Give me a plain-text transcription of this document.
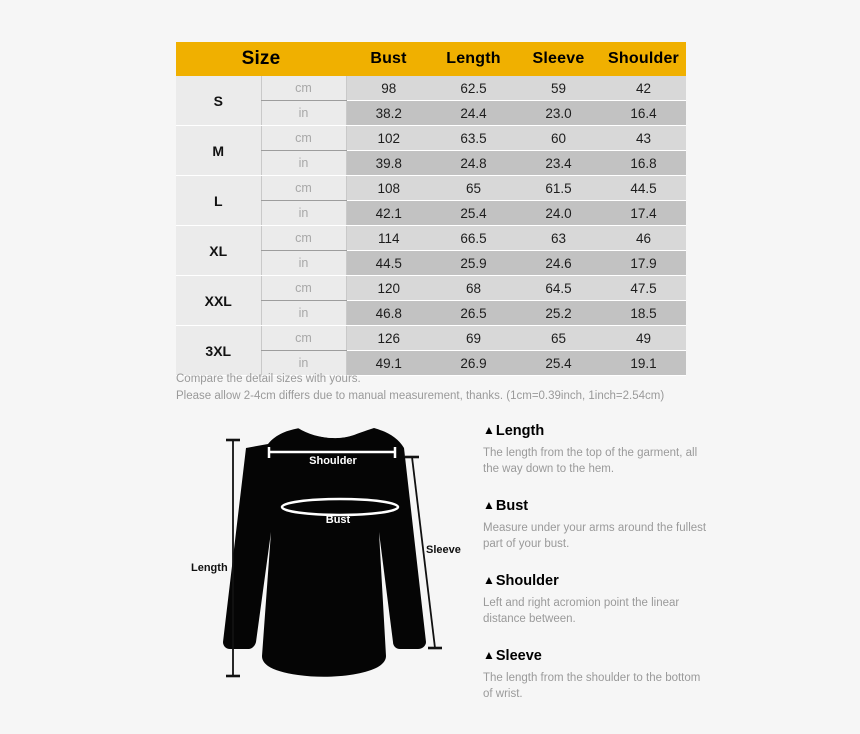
Size		Bust	Length	Sleeve	Shoulder
S	cm	98	62.5	59	42
	in	38.2	24.4	23.0	16.4
M	cm	102	63.5	60	43
	in	39.8	24.8	23.4	16.8
L	cm	108	65	61.5	44.5
	in	42.1	25.4	24.0	17.4
XL	cm	114	66.5	63	46
	in	44.5	25.9	24.6	17.9
XXL	cm	120	68	64.5	47.5
	in	46.8	26.5	25.2	18.5
3XL	cm	126	69	65	49
	in	49.1	26.9	25.4	19.1
Compare the detail sizes with yours.
Please allow 2-4cm differs due to manual measurement, thanks. (1cm=0.39inch, 1inch=2.54cm)
Length
Sleeve
Shoulder
Bust
▲Length
The length from the top of the garment, all the way down to the hem.
▲Bust
Measure under your arms around the fullest part of your bust.
▲Shoulder
Left and right acromion point the linear distance between.
▲Sleeve
The length from the shoulder to the bottom of wrist.
